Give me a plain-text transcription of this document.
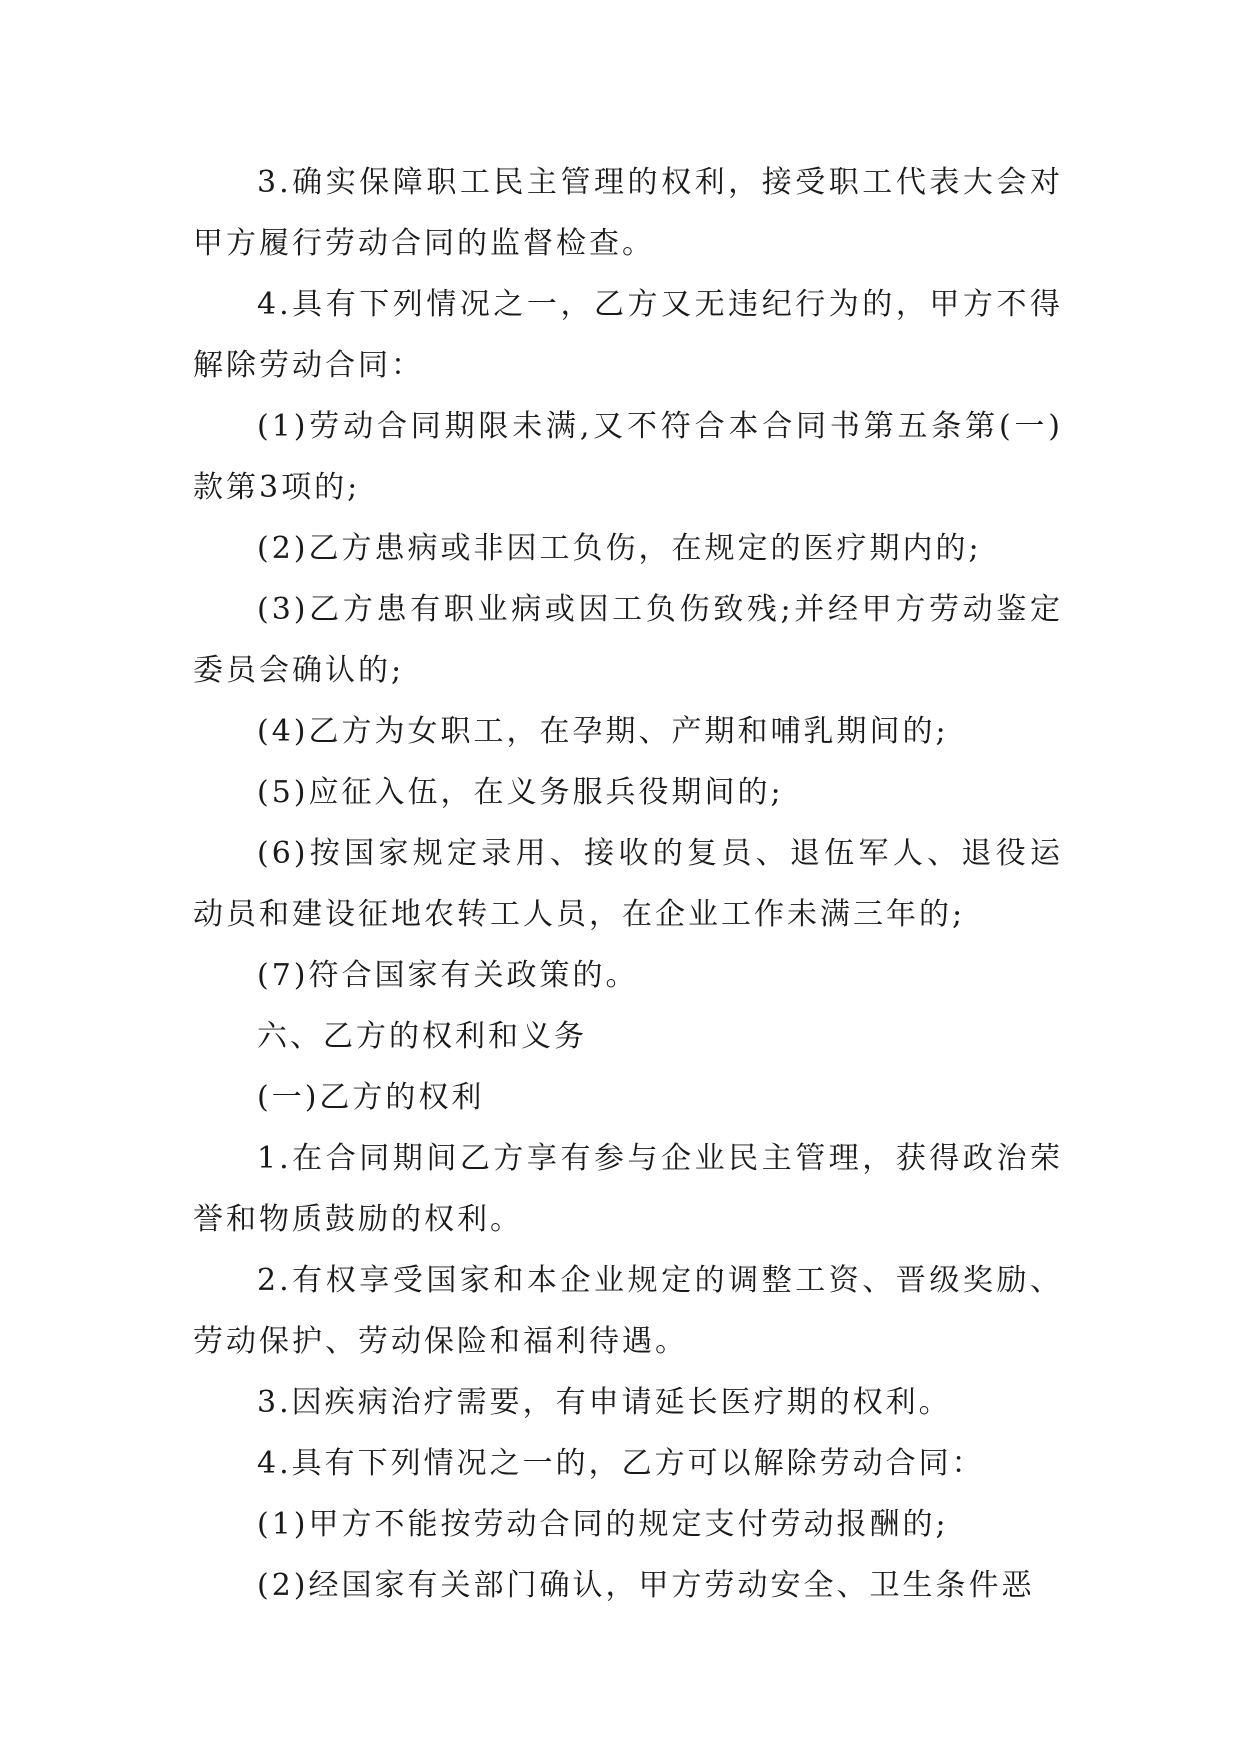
3.确实保障职工民主管理的权利，接受职工代表大会对甲方履行劳动合同的监督检查。

4.具有下列情况之一，乙方又无违纪行为的，甲方不得解除劳动合同：

(1)劳动合同期限未满,又不符合本合同书第五条第(一)款第3项的;

(2)乙方患病或非因工负伤，在规定的医疗期内的;

(3)乙方患有职业病或因工负伤致残;并经甲方劳动鉴定委员会确认的;

(4)乙方为女职工，在孕期、产期和哺乳期间的;

(5)应征入伍，在义务服兵役期间的;

(6)按国家规定录用、接收的复员、退伍军人、退役运动员和建设征地农转工人员，在企业工作未满三年的;

(7)符合国家有关政策的。

六、乙方的权利和义务

(一)乙方的权利

1.在合同期间乙方享有参与企业民主管理，获得政治荣誉和物质鼓励的权利。

2.有权享受国家和本企业规定的调整工资、晋级奖励、劳动保护、劳动保险和福利待遇。

3.因疾病治疗需要，有申请延长医疗期的权利。

4.具有下列情况之一的，乙方可以解除劳动合同：

(1)甲方不能按劳动合同的规定支付劳动报酬的;

(2)经国家有关部门确认，甲方劳动安全、卫生条件恶
